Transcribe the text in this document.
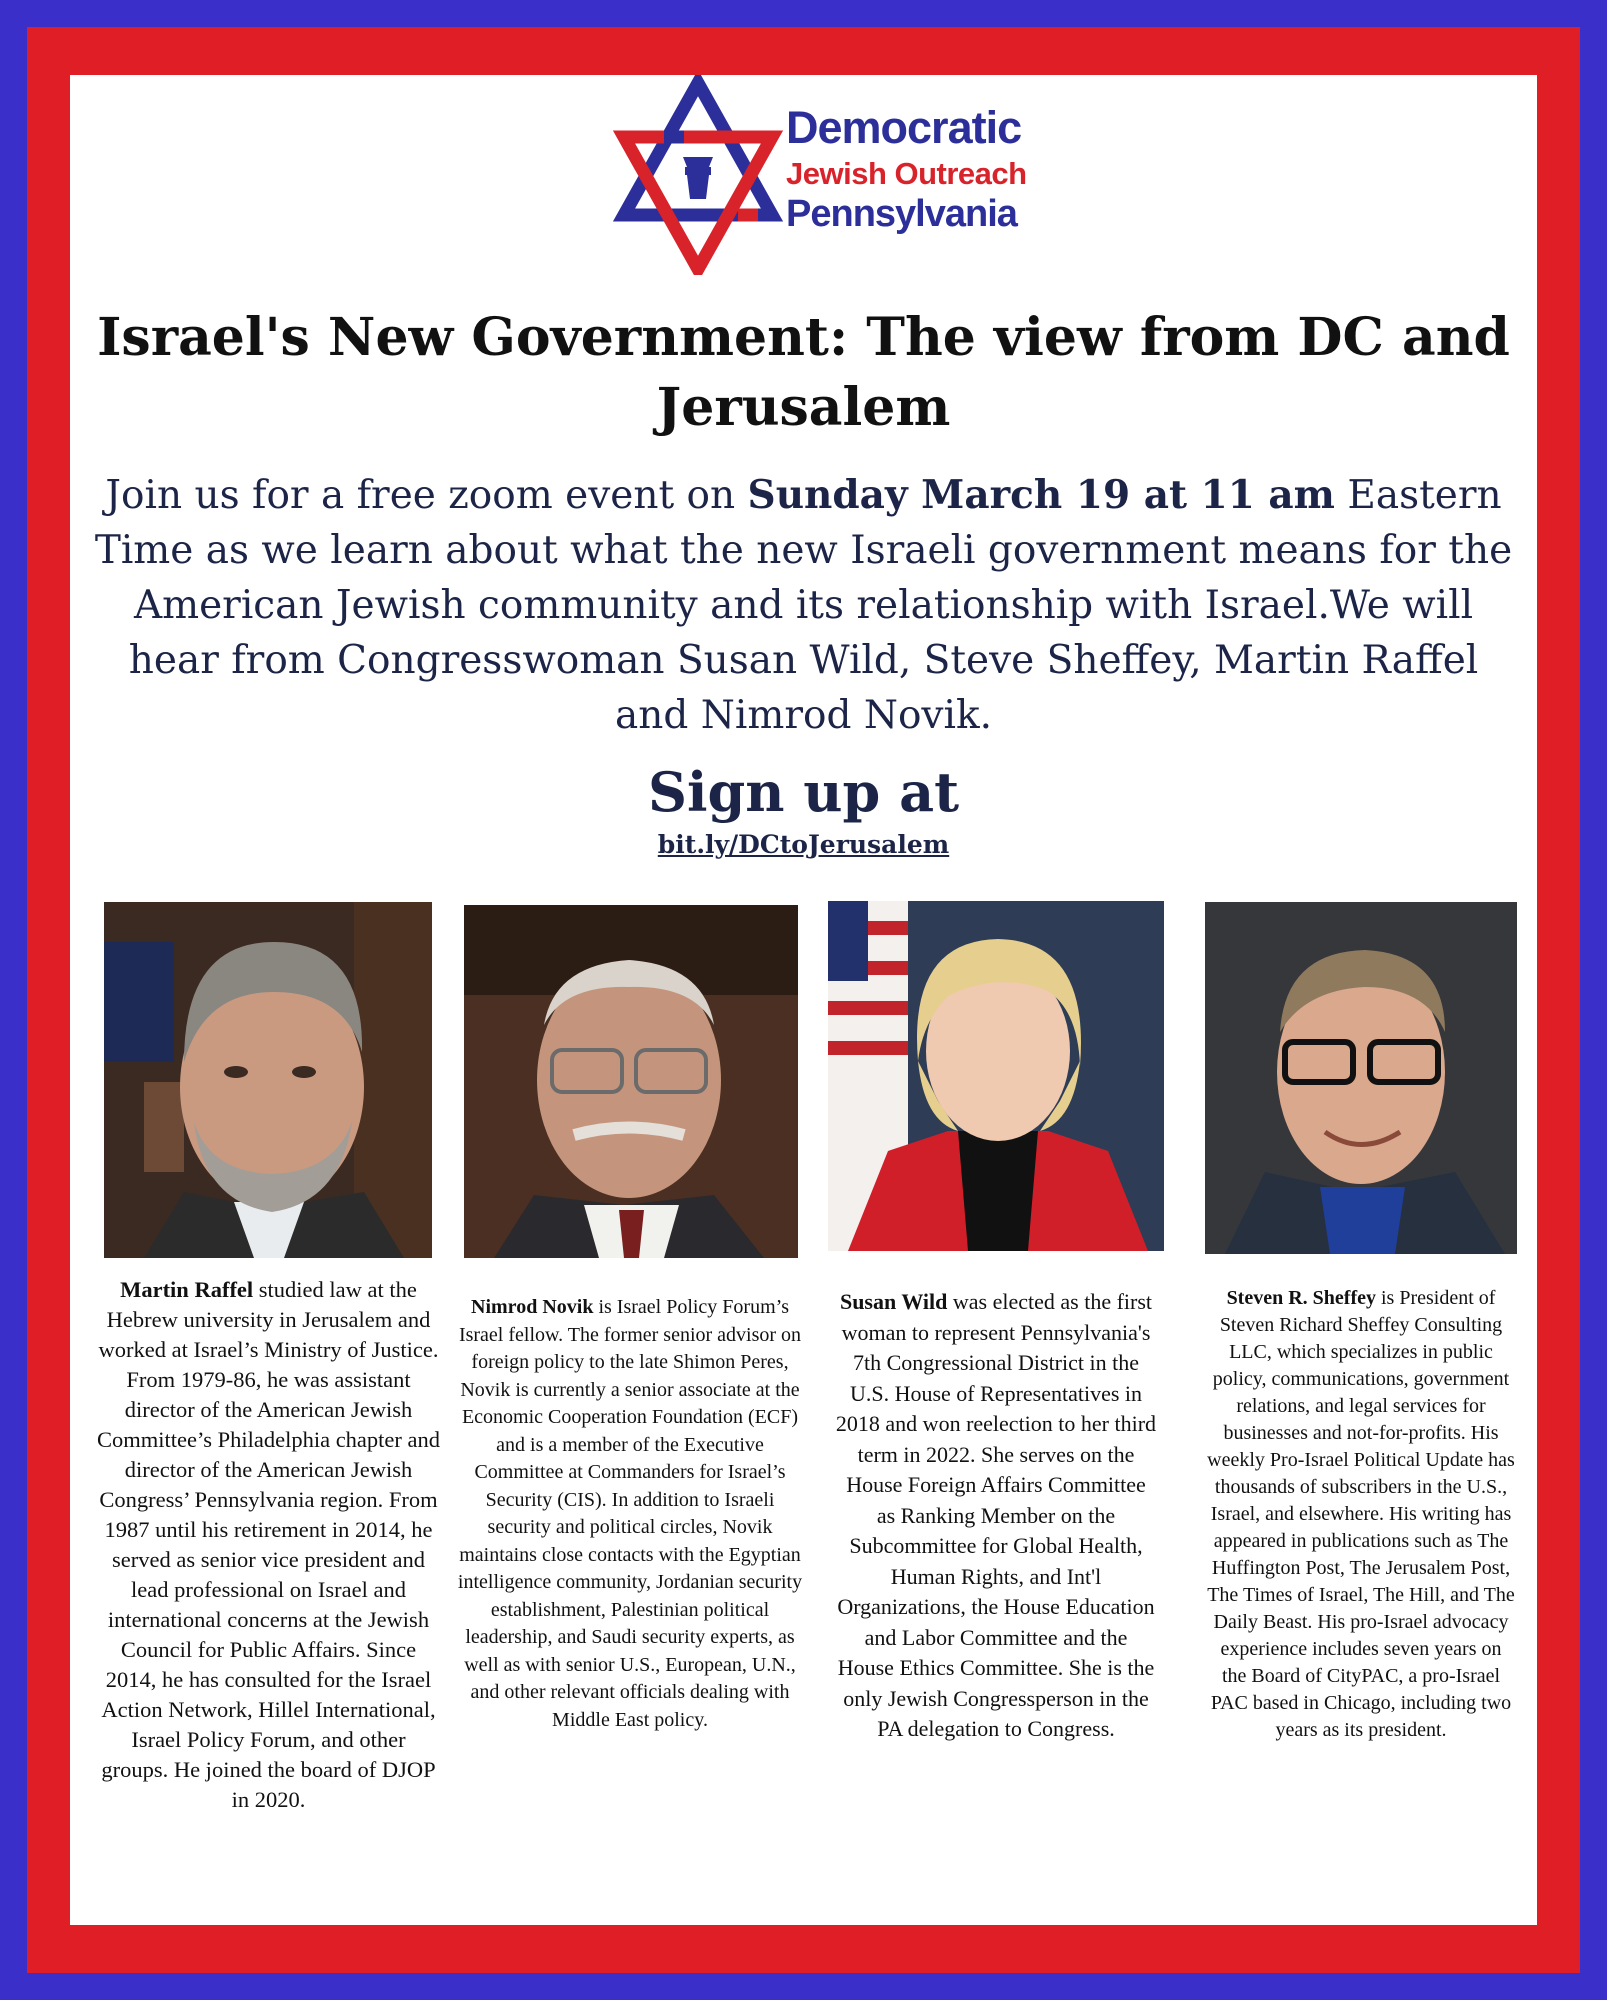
Democratic
Jewish Outreach
Pennsylvania
Israel's New Government: The view from DC and Jerusalem
Join us for a free zoom event on Sunday March 19 at 11 am Eastern Time as we learn about what the new Israeli government means for the American Jewish community and its relationship with Israel.We will hear from Congresswoman Susan Wild, Steve Sheffey, Martin Raffel and Nimrod Novik.
Sign up at
bit.ly/DCtoJerusalem
Martin Raffel studied law at the Hebrew university in Jerusalem and worked at Israel’s Ministry of Justice. From 1979-86, he was assistant director of the American Jewish Committee’s Philadelphia chapter and director of the American Jewish Congress’ Pennsylvania region. From 1987 until his retirement in 2014, he served as senior vice president and lead professional on Israel and international concerns at the Jewish Council for Public Affairs. Since 2014, he has consulted for the Israel Action Network, Hillel International, Israel Policy Forum, and other groups. He joined the board of DJOP in 2020.
Nimrod Novik is Israel Policy Forum’s Israel fellow. The former senior advisor on foreign policy to the late Shimon Peres, Novik is currently a senior associate at the Economic Cooperation Foundation (ECF) and is a member of the Executive Committee at Commanders for Israel’s Security (CIS). In addition to Israeli security and political circles, Novik maintains close contacts with the Egyptian intelligence community, Jordanian security establishment, Palestinian political leadership, and Saudi security experts, as well as with senior U.S., European, U.N., and other relevant officials dealing with Middle East policy.
Susan Wild was elected as the first woman to represent Pennsylvania's 7th Congressional District in the U.S. House of Representatives in 2018 and won reelection to her third term in 2022. She serves on the House Foreign Affairs Committee as Ranking Member on the Subcommittee for Global Health, Human Rights, and Int'l Organizations, the House Education and Labor Committee and the House Ethics Committee. She is the only Jewish Congressperson in the PA delegation to Congress.
Steven R. Sheffey is President of Steven Richard Sheffey Consulting LLC, which specializes in public policy, communications, government relations, and legal services for businesses and not-for-profits. His weekly Pro-Israel Political Update has thousands of subscribers in the U.S., Israel, and elsewhere. His writing has appeared in publications such as The Huffington Post, The Jerusalem Post, The Times of Israel, The Hill, and The Daily Beast. His pro-Israel advocacy experience includes seven years on the Board of CityPAC, a pro-Israel PAC based in Chicago, including two years as its president.
